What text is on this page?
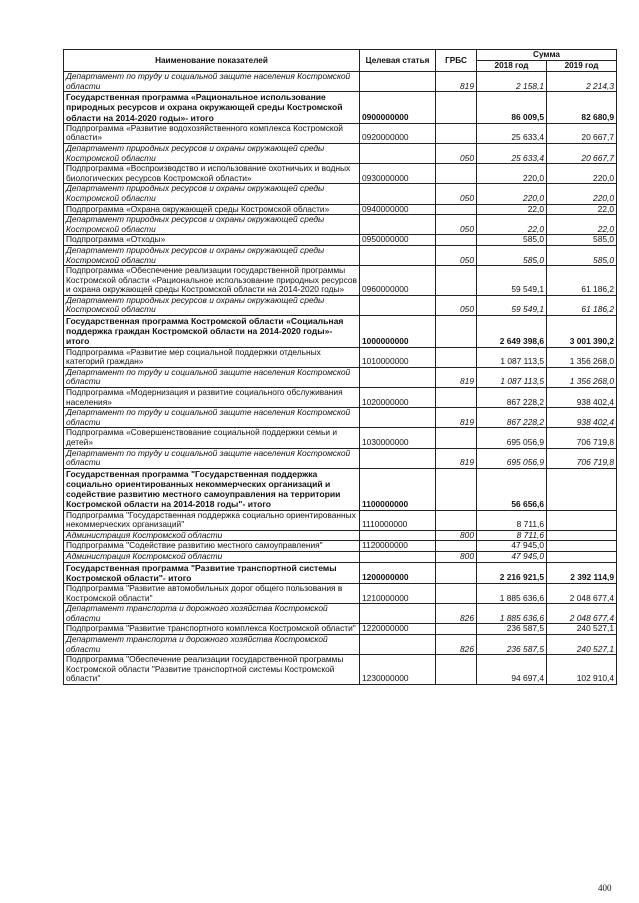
Наименование показателей	Целевая статья	ГРБС	Сумма	
			2018 год	2019 год
Департамент по труду и социальной защите населения Костромской области		819	2 158,1	2 214,3
Государственная программа «Рациональное использование природных ресурсов и охрана окружающей среды Костромской области на 2014-2020 годы»- итого	0900000000		86 009,5	82 680,9
Подпрограмма «Развитие водохозяйственного комплекса Костромской области»	0920000000		25 633,4	20 667,7
Департамент природных ресурсов и охраны окружающей среды Костромской области		050	25 633,4	20 667,7
Подпрограмма «Воспроизводство и использование охотничьих и водных биологических ресурсов Костромской области»	0930000000		220,0	220,0
Департамент природных ресурсов и охраны окружающей среды Костромской области		050	220,0	220,0
Подпрограмма «Охрана окружающей среды Костромской области»	0940000000		22,0	22,0
Департамент природных ресурсов и охраны окружающей среды Костромской области		050	22,0	22,0
Подпрограмма «Отходы»	0950000000		585,0	585,0
Департамент природных ресурсов и охраны окружающей среды Костромской области		050	585,0	585,0
Подпрограмма «Обеспечение реализации государственной программы Костромской области «Рациональное использование природных ресурсов и охрана окружающей среды Костромской области на 2014-2020 годы»	0960000000		59 549,1	61 186,2
Департамент природных ресурсов и охраны окружающей среды Костромской области		050	59 549,1	61 186,2
Государственная программа Костромской области «Социальная поддержка граждан Костромской области на 2014-2020 годы»- итого	1000000000		2 649 398,6	3 001 390,2
Подпрограмма «Развитие мер социальной поддержки отдельных категорий граждан»	1010000000		1 087 113,5	1 356 268,0
Департамент по труду и социальной защите населения Костромской области		819	1 087 113,5	1 356 268,0
Подпрограмма «Модернизация и развитие социального обслуживания населения»	1020000000		867 228,2	938 402,4
Департамент по труду и социальной защите населения Костромской области		819	867 228,2	938 402,4
Подпрограмма «Совершенствование социальной поддержки семьи и детей»	1030000000		695 056,9	706 719,8
Департамент по труду и социальной защите населения Костромской области		819	695 056,9	706 719,8
Государственная программа "Государственная поддержка социально ориентированных некоммерческих организаций и содействие развитию местного самоуправления на территории Костромской области на 2014-2018 годы"- итого	1100000000		56 656,6	
Подпрограмма "Государственная поддержка социально ориентированных некоммерческих организаций"	1110000000		8 711,6	
Администрация Костромской области		800	8 711,6	
Подпрограмма "Содействие развитию местного самоуправления"	1120000000		47 945,0	
Администрация Костромской области		800	47 945,0	
Государственная программа "Развитие транспортной системы Костромской области"- итого	1200000000		2 216 921,5	2 392 114,9
Подпрограмма "Развитие автомобильных дорог общего пользования в Костромской области"	1210000000		1 885 636,6	2 048 677,4
Департамент транспорта и дорожного хозяйства Костромской области		826	1 885 636,6	2 048 677,4
Подпрограмма "Развитие транспортного комплекса Костромской области"	1220000000		236 587,5	240 527,1
Департамент транспорта и дорожного хозяйства Костромской области		826	236 587,5	240 527,1
Подпрограмма "Обеспечение реализации государственной программы Костромской области "Развитие транспортной системы Костромской области"	1230000000		94 697,4	102 910,4
400
